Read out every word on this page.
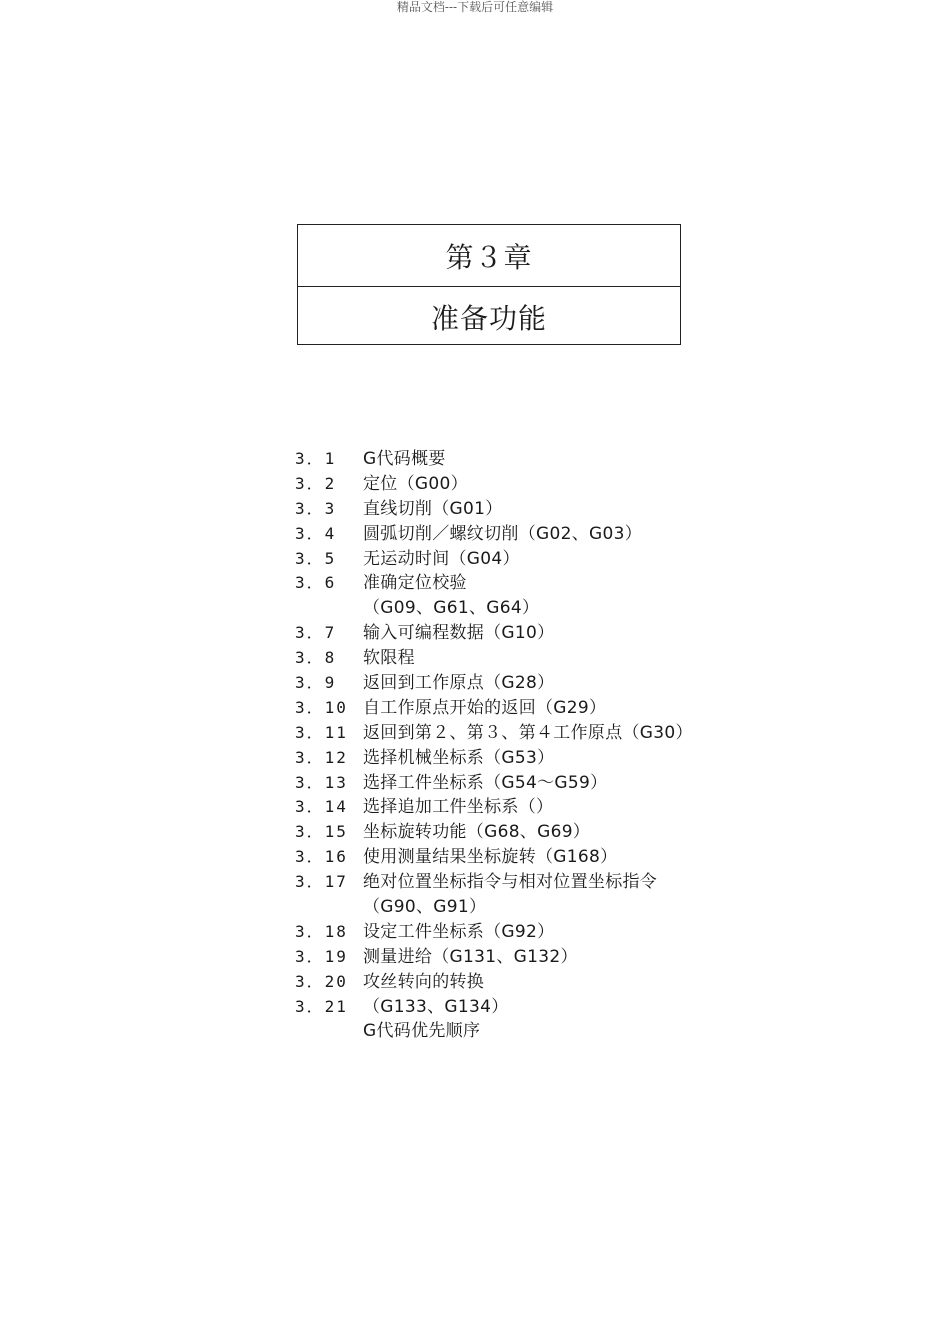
精品文档---下载后可任意编辑
第３章
准备功能
3．1	G代码概要
3．2	定位（G00）
3．3	直线切削（G01）
3．4	圆弧切削／螺纹切削（G02、G03）
3．5	无运动时间（G04）
3．6	准确定位校验
（G09、G61、G64）
3．7	输入可编程数据（G10）
3．8	软限程
3．9	返回到工作原点（G28）
3．10 自工作原点开始的返回（G29）
3．11 返回到第２、第３、第４工作原点（G30）
3．12 选择机械坐标系（G53）
3．13 选择工件坐标系（G54～G59）
3．14 选择追加工件坐标系（）
3．15 坐标旋转功能（G68、G69）
3．16 使用测量结果坐标旋转（G168）
3．17 绝对位置坐标指令与相对位置坐标指令
（G90、G91）
3．18 设定工件坐标系（G92）
3．19 测量进给（G131、G132）
3．20 攻丝转向的转换
3．21 （G133、G134）
G代码优先顺序
